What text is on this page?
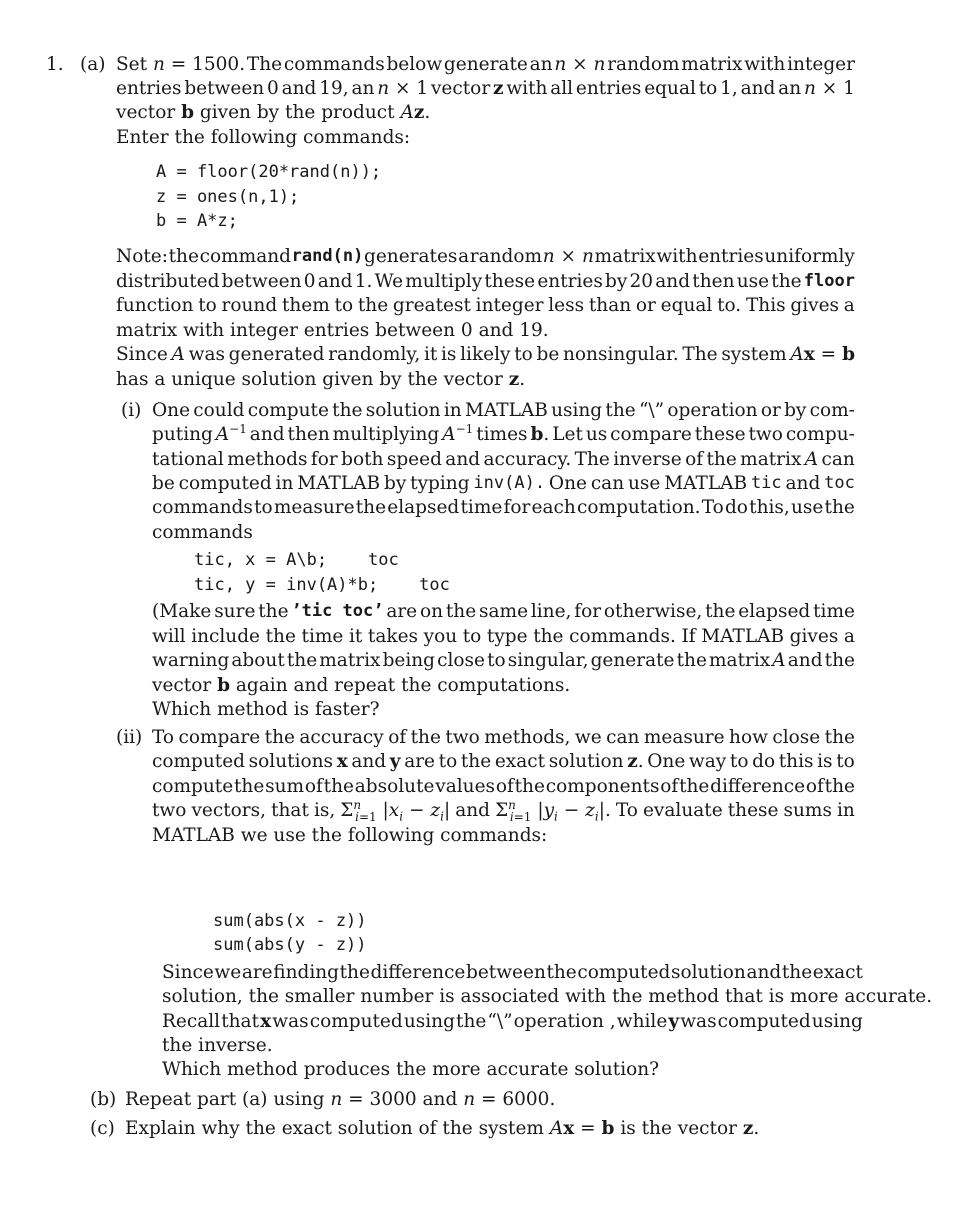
1. (a) Set n = 1500. The commands below generate an n × n random matrix with integer
entries between 0 and 19, an n × 1 vector z with all entries equal to 1, and an n × 1
vector b given by the product Az.
Enter the following commands:
A = floor(20*rand(n));
z = ones(n,1);
b = A*z;
Note: the command rand(n) generates a random n × n matrix with entries uniformly
distributed between 0 and 1. We multiply these entries by 20 and then use the floor
function to round them to the greatest integer less than or equal to. This gives a
matrix with integer entries between 0 and 19.
Since A was generated randomly, it is likely to be nonsingular. The system Ax = b
has a unique solution given by the vector z.
(i) One could compute the solution in MATLAB using the “\” operation or by com-
puting $A^{-1}$ and then multiplying $A^{-1}$ times b. Let us compare these two compu-
tational methods for both speed and accuracy. The inverse of the matrix A can
be computed in MATLAB by typing inv(A). One can use MATLAB tic and toc
commands to measure the elapsed time for each computation. To do this, use the
commands
tic, x = A\b;    toc
tic, y = inv(A)*b;    toc
(Make sure the ’tic toc’ are on the same line, for otherwise, the elapsed time
will include the time it takes you to type the commands. If MATLAB gives a
warning about the matrix being close to singular, generate the matrix A and the
vector b again and repeat the computations.
Which method is faster?
(ii) To compare the accuracy of the two methods, we can measure how close the
computed solutions x and y are to the exact solution z. One way to do this is to
compute the sum of the absolute values of the components of the difference of the
two vectors, that is, $\Sigma^n_{i=1}$ $|x_i - z_i|$ and $\Sigma^n_{i=1}$ $|y_i - z_i|$. To evaluate these sums in
MATLAB we use the following commands:
sum(abs(x - z))
sum(abs(y - z))
Since we are finding the difference between the computed solution and the exact
solution, the smaller number is associated with the method that is more accurate.
Recall that x was computed using the “\” operation , while y was computed using
the inverse.
Which method produces the more accurate solution?
(b) Repeat part (a) using n = 3000 and n = 6000.
(c) Explain why the exact solution of the system Ax = b is the vector z.
